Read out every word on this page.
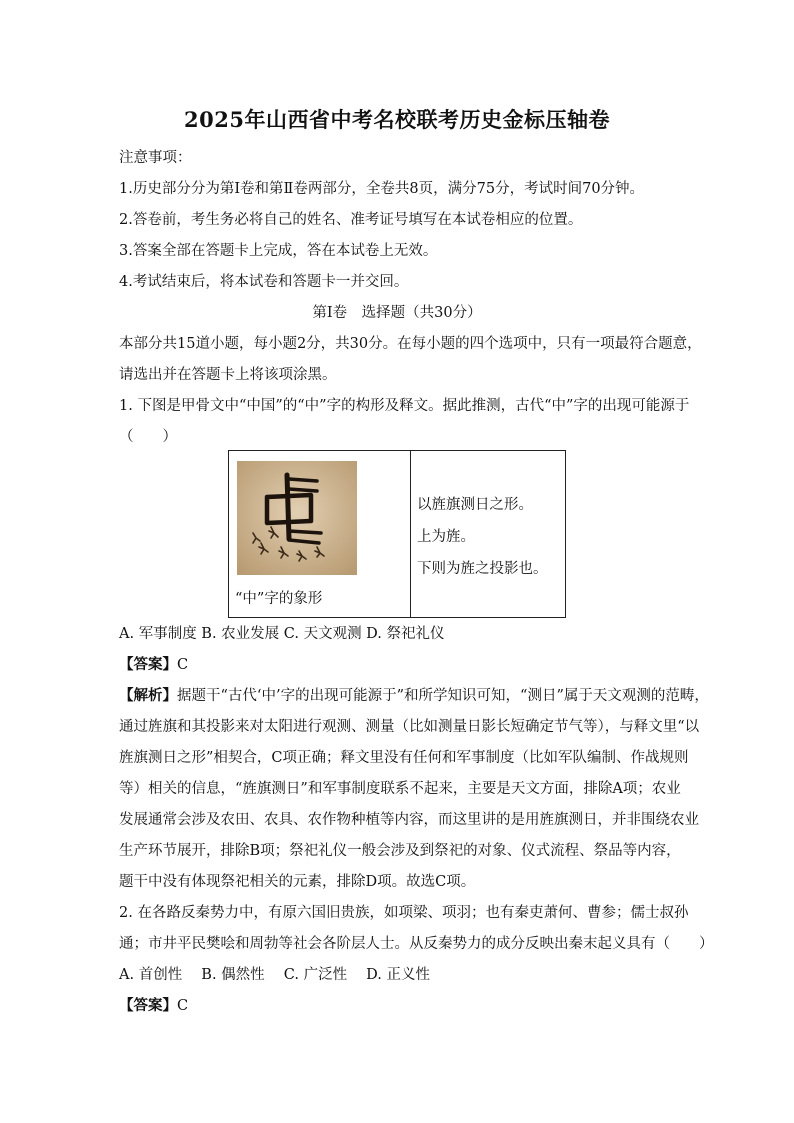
2025年山西省中考名校联考历史金标压轴卷
注意事项：
1.历史部分分为第Ⅰ卷和第Ⅱ卷两部分，全卷共8页，满分75分，考试时间70分钟。
2.答卷前，考生务必将自己的姓名、准考证号填写在本试卷相应的位置。
3.答案全部在答题卡上完成，答在本试卷上无效。
4.考试结束后，将本试卷和答题卡一并交回。
第Ⅰ卷　选择题（共30分）
本部分共15道小题，每小题2分，共30分。在每小题的四个选项中，只有一项最符合题意，
请选出并在答题卡上将该项涂黑。
1. 下图是甲骨文中“中国”的“中”字的构形及释文。据此推测，古代“中”字的出现可能源于
（　　）
“中”字的象形

以旌旗测日之形。
上为旌。
下则为旌之投影也。
A. 军事制度 B. 农业发展 C. 天文观测 D. 祭祀礼仪
【答案】C
【解析】据题干“古代‘中’字的出现可能源于”和所学知识可知，“测日”属于天文观测的范畴，
通过旌旗和其投影来对太阳进行观测、测量（比如测量日影长短确定节气等），与释文里“以
旌旗测日之形”相契合，C项正确；释文里没有任何和军事制度（比如军队编制、作战规则
等）相关的信息，“旌旗测日”和军事制度联系不起来，主要是天文方面，排除A项；农业
发展通常会涉及农田、农具、农作物种植等内容，而这里讲的是用旌旗测日，并非围绕农业
生产环节展开，排除B项；祭祀礼仪一般会涉及到祭祀的对象、仪式流程、祭品等内容，
题干中没有体现祭祀相关的元素，排除D项。故选C项。
2. 在各路反秦势力中，有原六国旧贵族，如项梁、项羽；也有秦吏萧何、曹参；儒士叔孙
通；市井平民樊哙和周勃等社会各阶层人士。从反秦势力的成分反映出秦末起义具有（　　）
A. 首创性　 B. 偶然性　 C. 广泛性　 D. 正义性
【答案】C
